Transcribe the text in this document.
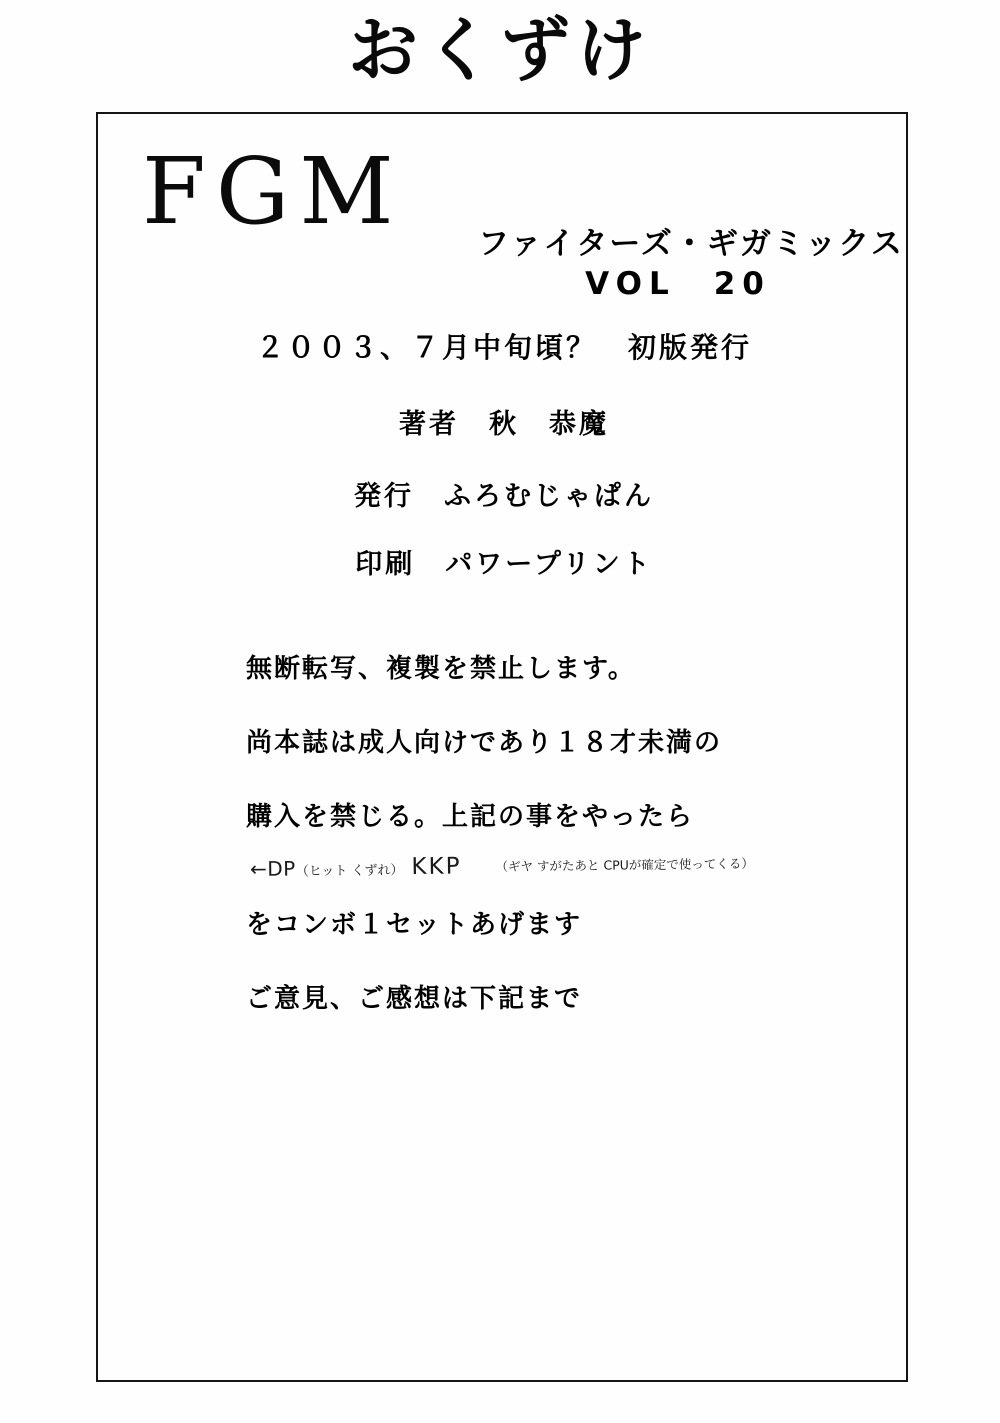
おくずけ
FGM ファイターズ・ギガミックス
VOL　20
２００３、７月中旬頃？　初版発行
著者　秋　恭魔
発行　ふろむじゃぱん
印刷　パワープリント
無断転写、複製を禁止します。
尚本誌は成人向けであり１８才未満の
購入を禁じる。上記の事をやったら
←DP（ヒット くずれ） KKP	（ギヤ すがたあと CPUが確定で使ってくる）
をコンボ１セットあげます
ご意見、ご感想は下記まで
